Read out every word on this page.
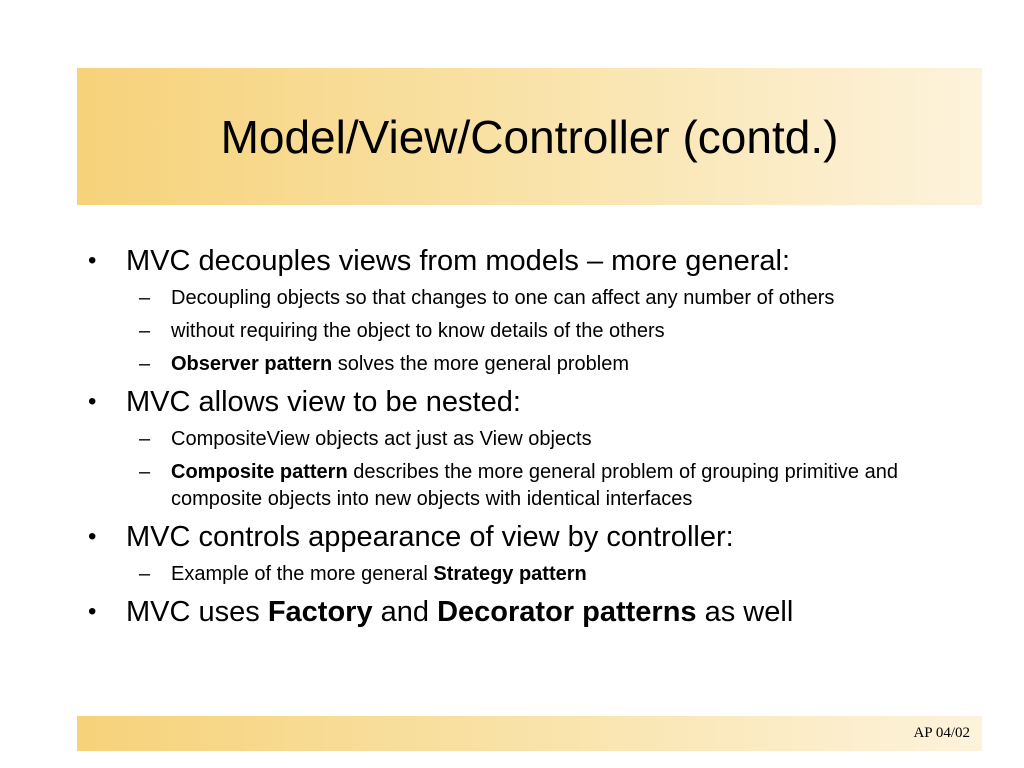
Model/View/Controller (contd.)
• MVC decouples views from models – more general:
– Decoupling objects so that changes to one can affect any number of others
– without requiring the object to know details of the others
– Observer pattern solves the more general problem
• MVC allows view to be nested:
– CompositeView objects act just as View objects
– Composite pattern describes the more general problem of grouping primitive and composite objects into new objects with identical interfaces
• MVC controls appearance of view by controller:
– Example of the more general Strategy pattern
• MVC uses Factory and Decorator patterns as well
AP 04/02
